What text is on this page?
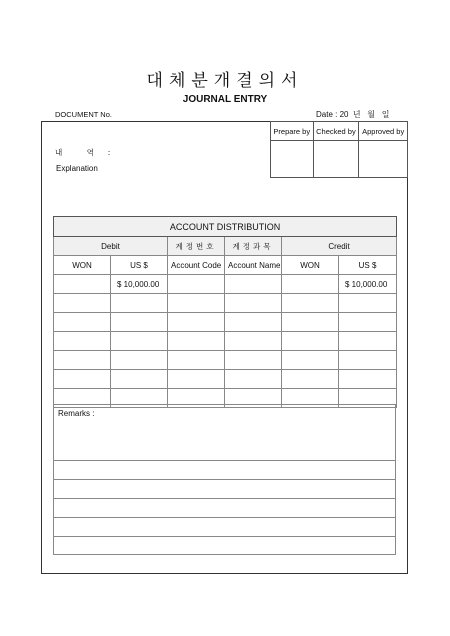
대체분개결의서
JOURNAL ENTRY
DOCUMENT No.	Date : 20  년   월   일
Prepare by	Checked by	Approved by

내    역  :
Explanation
ACCOUNT DISTRIBUTION					
Debit		계정번호	계정과목	Credit	
WON	US $	Account Code	Account Name	WON	US $
	$ 10,000.00				$ 10,000.00

Remarks :
